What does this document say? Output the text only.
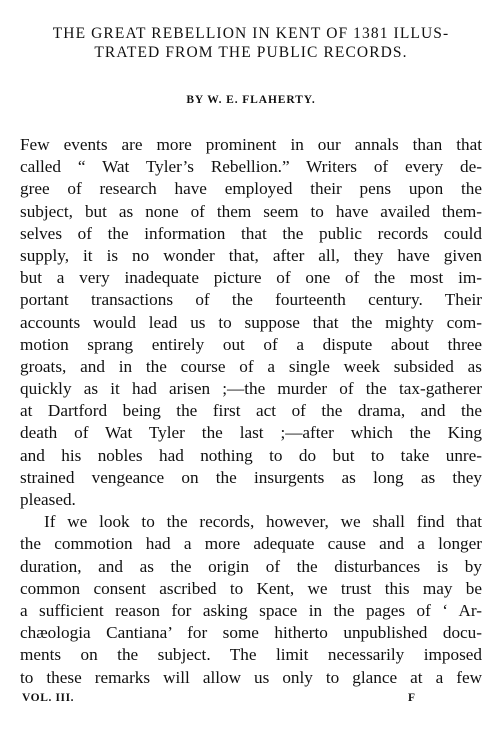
THE GREAT REBELLION IN KENT OF 1381 ILLUS-
TRATED FROM THE PUBLIC RECORDS.

BY W. E. FLAHERTY.

Few events are more prominent in our annals than that
called “ Wat Tyler’s Rebellion.” Writers of every de-
gree of research have employed their pens upon the
subject, but as none of them seem to have availed them-
selves of the information that the public records could
supply, it is no wonder that, after all, they have given
but a very inadequate picture of one of the most im-
portant transactions of the fourteenth century. Their
accounts would lead us to suppose that the mighty com-
motion sprang entirely out of a dispute about three
groats, and in the course of a single week subsided as
quickly as it had arisen ;—the murder of the tax-gatherer
at Dartford being the first act of the drama, and the
death of Wat Tyler the last ;—after which the King
and his nobles had nothing to do but to take unre-
strained vengeance on the insurgents as long as they
pleased.
If we look to the records, however, we shall find that
the commotion had a more adequate cause and a longer
duration, and as the origin of the disturbances is by
common consent ascribed to Kent, we trust this may be
a sufficient reason for asking space in the pages of ‘ Ar-
chæologia Cantiana’ for some hitherto unpublished docu-
ments on the subject. The limit necessarily imposed
to these remarks will allow us only to glance at a few
VOL. III.	F
